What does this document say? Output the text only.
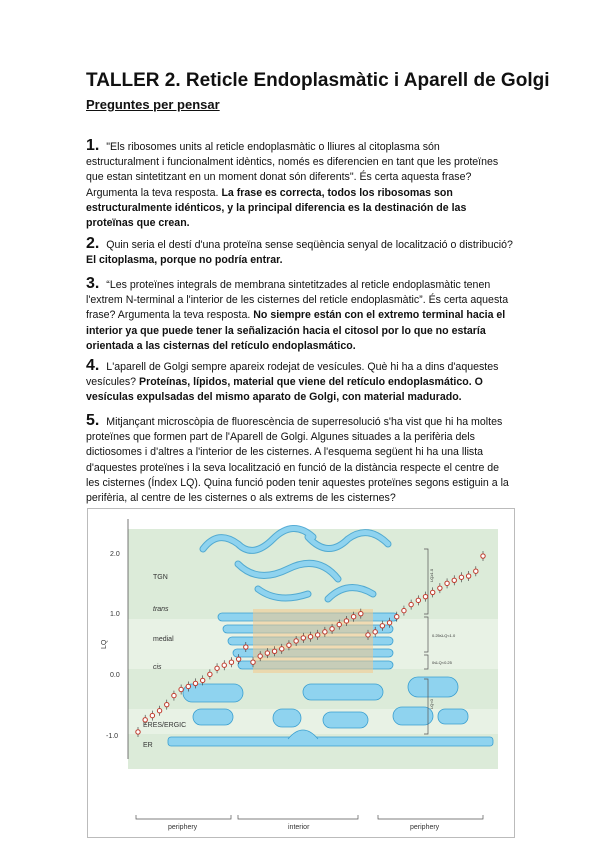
TALLER 2. Reticle Endoplasmàtic i Aparell de Golgi
Preguntes per pensar

1. "Els ribosomes units al reticle endoplasmàtic o lliures al citoplasma són estructuralment i funcionalment idèntics, només es diferencien en tant que les proteïnes que estan sintetitzant en un moment donat són diferents". És certa aquesta frase? Argumenta la teva resposta. La frase es correcta, todos los ribosomas son estructuralmente idénticos, y la principal diferencia es la destinación de las proteïnas que crean.

2. Quin seria el destí d'una proteïna sense seqüència senyal de localització o distribució? El citoplasma, porque no podría entrar.

3. “Les proteïnes integrals de membrana sintetitzades al reticle endoplasmàtic tenen l'extrem N-terminal a l'interior de les cisternes del reticle endoplasmàtic”. És certa aquesta frase? Argumenta la teva resposta. No siempre están con el extremo terminal hacia el interior ya que puede tener la señalización hacia el citosol por lo que no estaría orientada a las cisternas del retículo endoplasmático.

4. L'aparell de Golgi sempre apareix rodejat de vesícules. Què hi ha a dins d'aquestes vesícules? Proteínas, lípidos, material que viene del retículo endoplasmático. O vesículas expulsadas del mismo aparato de Golgi, con material madurado.

5. Mitjançant microscòpia de fluorescència de superresolució s'ha vist que hi ha moltes proteïnes que formen part de l'Aparell de Golgi. Algunes situades a la perifèria dels dictiosomes i d'altres a l'interior de les cisternes. A l'esquema següent hi ha una llista d'aquestes proteïnes i la seva localització en funció de la distància respecte el centre de les cisternes (Índex LQ). Quina funció poden tenir aquestes proteïnes segons estiguin a la perifèria, al centre de les cisternes o als extrems de les cisternes?

LQ
2.0
1.0
0.0
-1.0
TGN
trans
medial
cis
ERES/ERGIC
ER
LQ≥1.0
0.25≤LQ<1.0
0≤LQ<0.25
LQ<0
periphery	interior	periphery
